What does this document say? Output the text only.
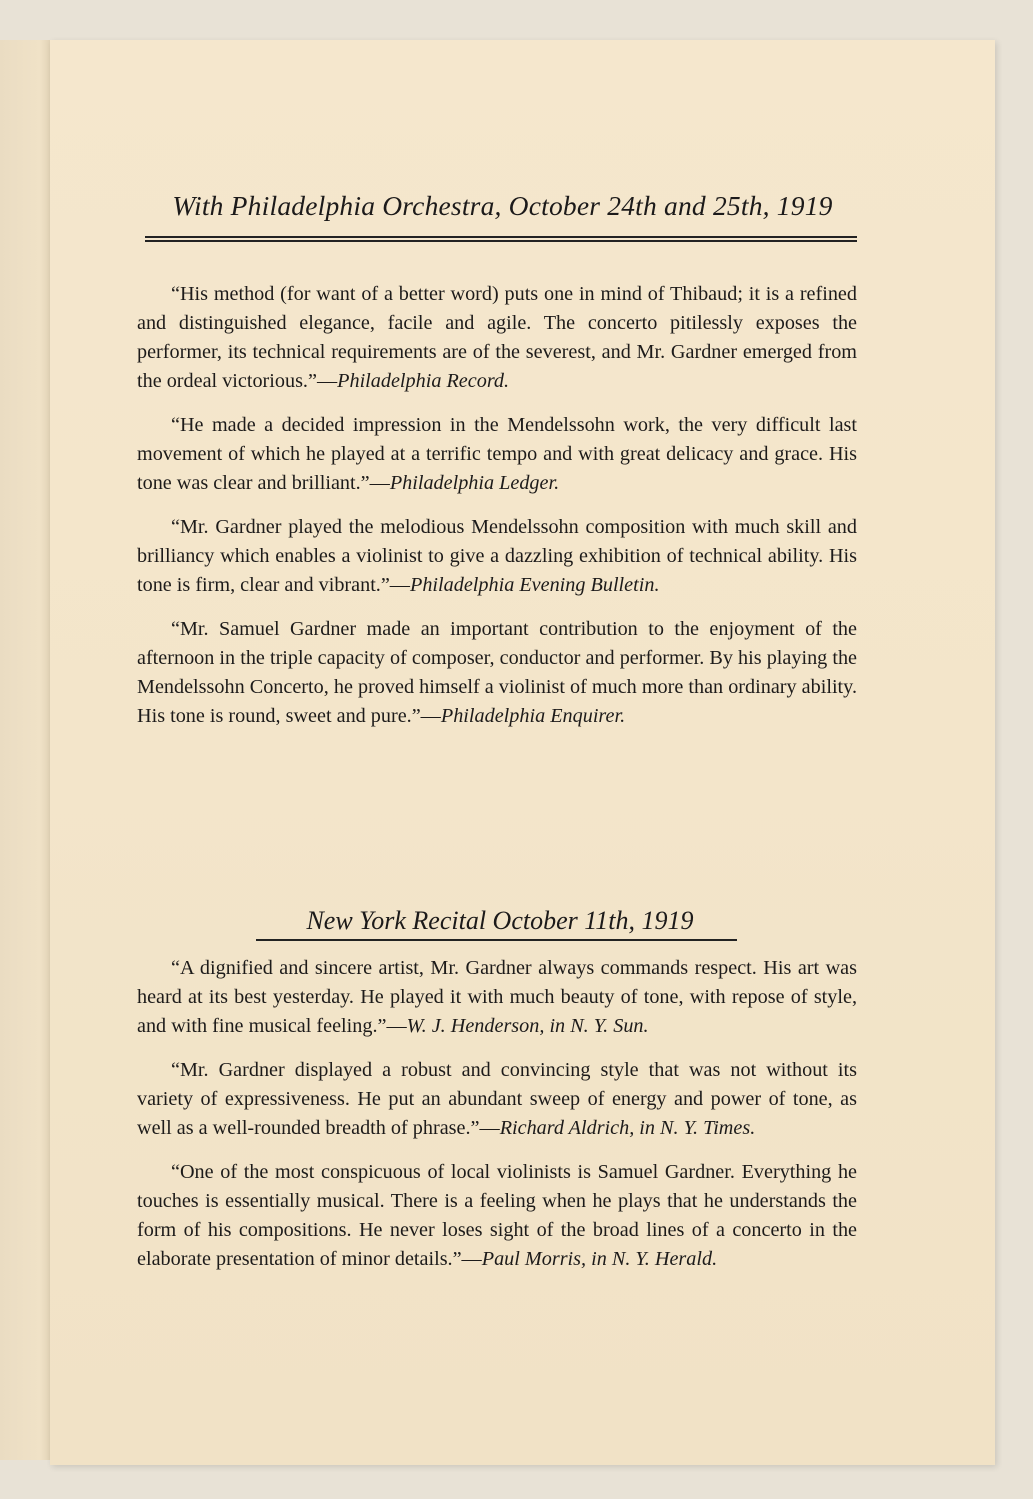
With Philadelphia Orchestra, October 24th and 25th, 1919

“His method (for want of a better word) puts one in mind of Thibaud; it is a refined and distinguished elegance, facile and agile. The concerto pitilessly exposes the performer, its technical requirements are of the severest, and Mr. Gardner emerged from the ordeal victorious.”—Philadelphia Record.

“He made a decided impression in the Mendelssohn work, the very difficult last movement of which he played at a terrific tempo and with great delicacy and grace. His tone was clear and brilliant.”—Philadelphia Ledger.

“Mr. Gardner played the melodious Mendelssohn composition with much skill and brilliancy which enables a violinist to give a dazzling exhibition of technical ability. His tone is firm, clear and vibrant.”—Philadelphia Evening Bulletin.

“Mr. Samuel Gardner made an important contribution to the enjoyment of the afternoon in the triple capacity of composer, conductor and performer. By his playing the Mendelssohn Concerto, he proved himself a violinist of much more than ordinary ability. His tone is round, sweet and pure.”—Philadelphia Enquirer.

New York Recital October 11th, 1919

“A dignified and sincere artist, Mr. Gardner always commands respect. His art was heard at its best yesterday. He played it with much beauty of tone, with repose of style, and with fine musical feeling.”—W. J. Henderson, in N. Y. Sun.

“Mr. Gardner displayed a robust and convincing style that was not without its variety of expressiveness. He put an abundant sweep of energy and power of tone, as well as a well-rounded breadth of phrase.”—Richard Aldrich, in N. Y. Times.

“One of the most conspicuous of local violinists is Samuel Gardner. Everything he touches is essentially musical. There is a feeling when he plays that he understands the form of his compositions. He never loses sight of the broad lines of a concerto in the elaborate presentation of minor details.”—Paul Morris, in N. Y. Herald.
